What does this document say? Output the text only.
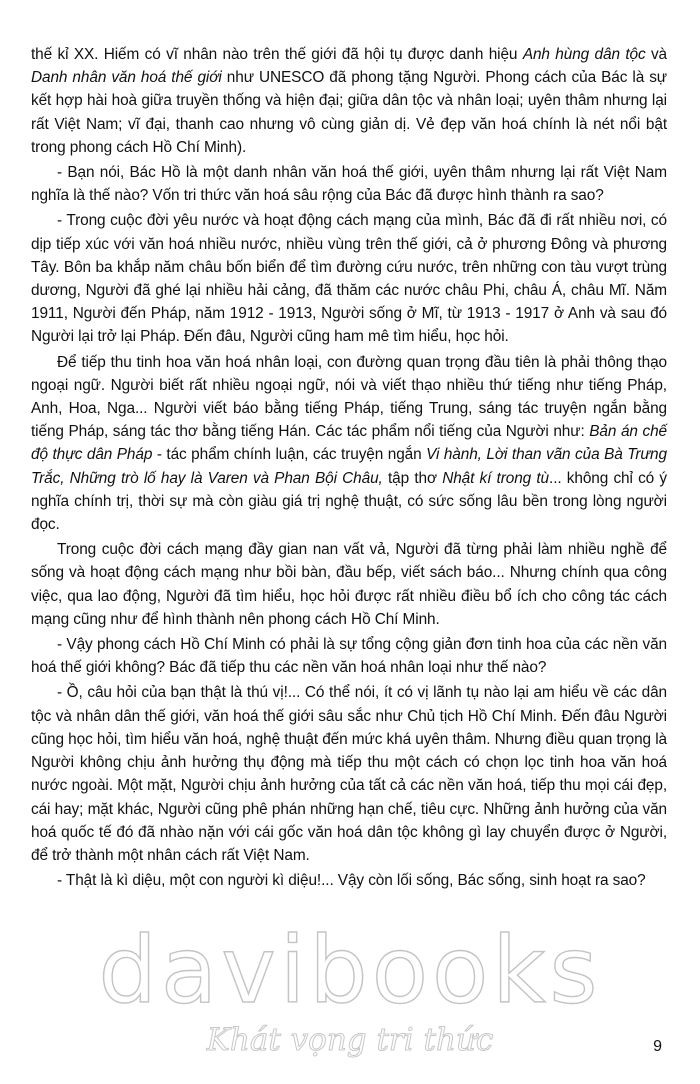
thế kỉ XX. Hiếm có vĩ nhân nào trên thế giới đã hội tụ được danh hiệu Anh hùng dân tộc và Danh nhân văn hoá thế giới như UNESCO đã phong tặng Người. Phong cách của Bác là sự kết hợp hài hoà giữa truyền thống và hiện đại; giữa dân tộc và nhân loại; uyên thâm nhưng lại rất Việt Nam; vĩ đại, thanh cao nhưng vô cùng giản dị. Vẻ đẹp văn hoá chính là nét nổi bật trong phong cách Hồ Chí Minh).

- Bạn nói, Bác Hồ là một danh nhân văn hoá thế giới, uyên thâm nhưng lại rất Việt Nam nghĩa là thế nào? Vốn tri thức văn hoá sâu rộng của Bác đã được hình thành ra sao?

- Trong cuộc đời yêu nước và hoạt động cách mạng của mình, Bác đã đi rất nhiều nơi, có dịp tiếp xúc với văn hoá nhiều nước, nhiều vùng trên thế giới, cả ở phương Đông và phương Tây. Bôn ba khắp năm châu bốn biển để tìm đường cứu nước, trên những con tàu vượt trùng dương, Người đã ghé lại nhiều hải cảng, đã thăm các nước châu Phi, châu Á, châu Mĩ. Năm 1911, Người đến Pháp, năm 1912 - 1913, Người sống ở Mĩ, từ 1913 - 1917 ở Anh và sau đó Người lại trở lại Pháp. Đến đâu, Người cũng ham mê tìm hiểu, học hỏi.

Để tiếp thu tinh hoa văn hoá nhân loại, con đường quan trọng đầu tiên là phải thông thạo ngoại ngữ. Người biết rất nhiều ngoại ngữ, nói và viết thạo nhiều thứ tiếng như tiếng Pháp, Anh, Hoa, Nga... Người viết báo bằng tiếng Pháp, tiếng Trung, sáng tác truyện ngắn bằng tiếng Pháp, sáng tác thơ bằng tiếng Hán. Các tác phẩm nổi tiếng của Người như: Bản án chế độ thực dân Pháp - tác phẩm chính luận, các truyện ngắn Vi hành, Lời than vãn của Bà Trưng Trắc, Những trò lố hay là Varen và Phan Bội Châu, tập thơ Nhật kí trong tù... không chỉ có ý nghĩa chính trị, thời sự mà còn giàu giá trị nghệ thuật, có sức sống lâu bền trong lòng người đọc.

Trong cuộc đời cách mạng đầy gian nan vất vả, Người đã từng phải làm nhiều nghề để sống và hoạt động cách mạng như bồi bàn, đầu bếp, viết sách báo... Nhưng chính qua công việc, qua lao động, Người đã tìm hiểu, học hỏi được rất nhiều điều bổ ích cho công tác cách mạng cũng như để hình thành nên phong cách Hồ Chí Minh.

- Vậy phong cách Hồ Chí Minh có phải là sự tổng cộng giản đơn tinh hoa của các nền văn hoá thế giới không? Bác đã tiếp thu các nền văn hoá nhân loại như thế nào?

- Ồ, câu hỏi của bạn thật là thú vị!... Có thể nói, ít có vị lãnh tụ nào lại am hiểu về các dân tộc và nhân dân thế giới, văn hoá thế giới sâu sắc như Chủ tịch Hồ Chí Minh. Đến đâu Người cũng học hỏi, tìm hiểu văn hoá, nghệ thuật đến mức khá uyên thâm. Nhưng điều quan trọng là Người không chịu ảnh hưởng thụ động mà tiếp thu một cách có chọn lọc tinh hoa văn hoá nước ngoài. Một mặt, Người chịu ảnh hưởng của tất cả các nền văn hoá, tiếp thu mọi cái đẹp, cái hay; mặt khác, Người cũng phê phán những hạn chế, tiêu cực. Những ảnh hưởng của văn hoá quốc tế đó đã nhào nặn với cái gốc văn hoá dân tộc không gì lay chuyển được ở Người, để trở thành một nhân cách rất Việt Nam.

- Thật là kì diệu, một con người kì diệu!... Vậy còn lối sống, Bác sống, sinh hoạt ra sao?

davibooks
Khát vọng tri thức	9
